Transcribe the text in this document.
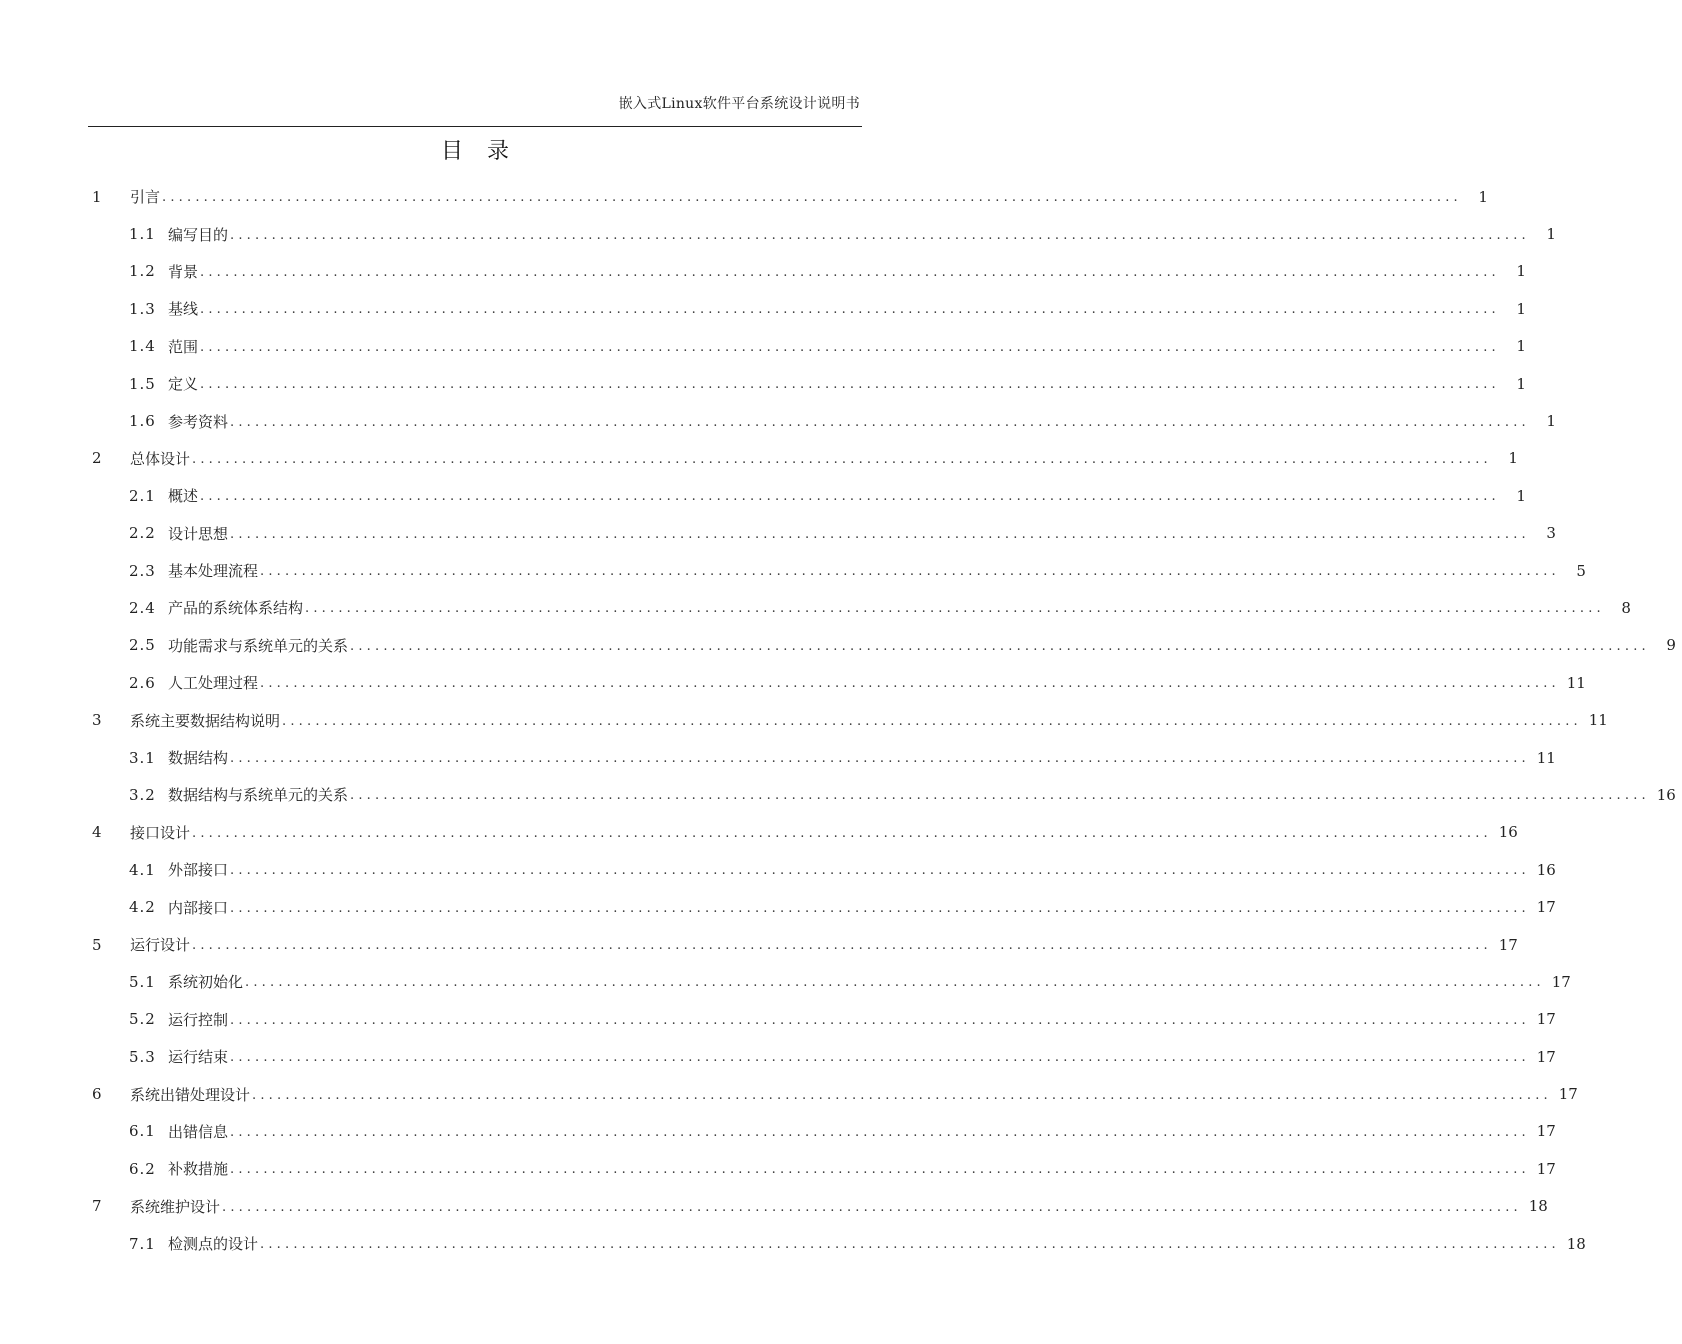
嵌入式Linux软件平台系统设计说明书
目录
1	引言 ............................................................................................................................................................	1
1.1 编写目的 ............................................................................................................................................................	1
1.2 背景 ............................................................................................................................................................	1
1.3 基线 ............................................................................................................................................................	1
1.4 范围 ............................................................................................................................................................	1
1.5 定义 ............................................................................................................................................................	1
1.6 参考资料 ............................................................................................................................................................	1
2	总体设计 ............................................................................................................................................................	1
2.1 概述 ............................................................................................................................................................	1
2.2 设计思想 ............................................................................................................................................................	3
2.3 基本处理流程 ............................................................................................................................................................	5
2.4 产品的系统体系结构 ............................................................................................................................................................	8
2.5 功能需求与系统单元的关系 ............................................................................................................................................................	9
2.6 人工处理过程 ............................................................................................................................................................ 11
3	系统主要数据结构说明 ............................................................................................................................................................ 11
3.1 数据结构 ............................................................................................................................................................ 11
3.2 数据结构与系统单元的关系 ............................................................................................................................................................ 16
4	接口设计 ............................................................................................................................................................ 16
4.1 外部接口 ............................................................................................................................................................ 16
4.2 内部接口 ............................................................................................................................................................ 17
5	运行设计 ............................................................................................................................................................ 17
5.1 系统初始化 ............................................................................................................................................................ 17
5.2 运行控制 ............................................................................................................................................................ 17
5.3 运行结束 ............................................................................................................................................................ 17
6	系统出错处理设计 ............................................................................................................................................................ 17
6.1 出错信息 ............................................................................................................................................................ 17
6.2 补救措施 ............................................................................................................................................................ 17
7	系统维护设计 ............................................................................................................................................................ 18
7.1 检测点的设计 ............................................................................................................................................................ 18
